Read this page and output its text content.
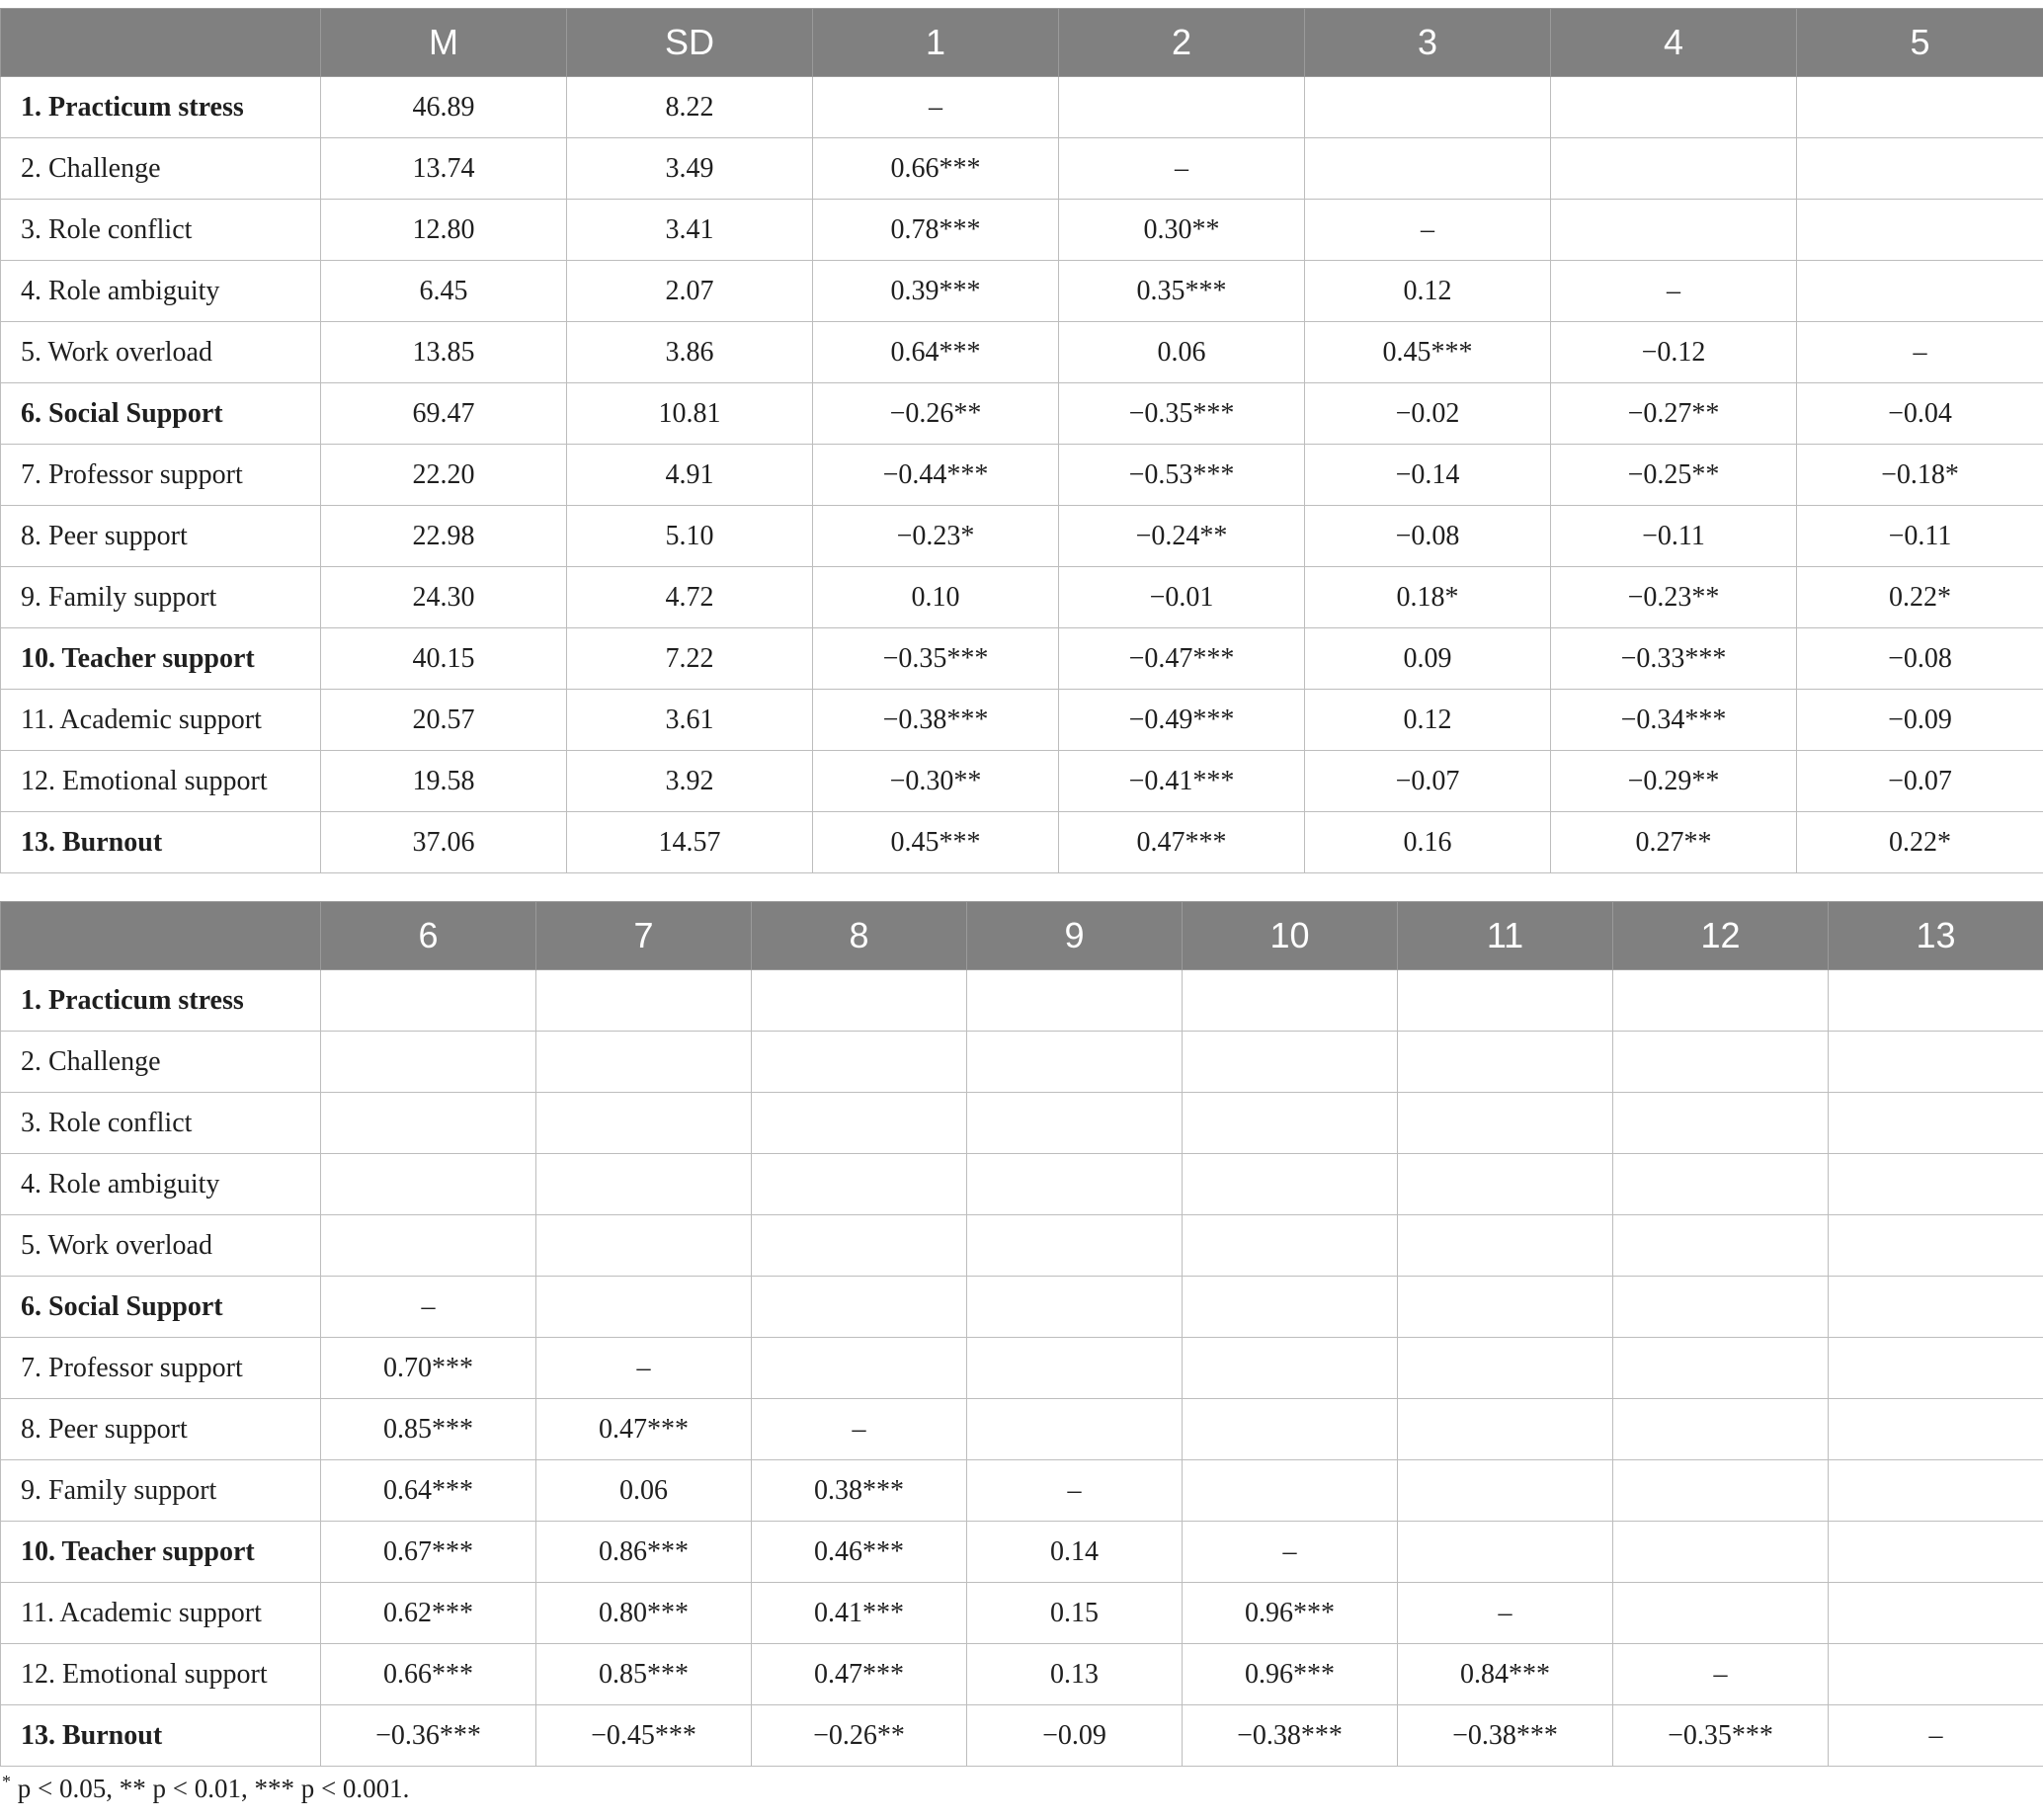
	M	SD	1	2	3	4	5
1. Practicum stress	46.89	8.22	–				
2. Challenge	13.74	3.49	0.66***	–			
3. Role conflict	12.80	3.41	0.78***	0.30**	–		
4. Role ambiguity	6.45	2.07	0.39***	0.35***	0.12	–	
5. Work overload	13.85	3.86	0.64***	0.06	0.45***	−0.12	–
6. Social Support	69.47	10.81	−0.26**	−0.35***	−0.02	−0.27**	−0.04
7. Professor support	22.20	4.91	−0.44***	−0.53***	−0.14	−0.25**	−0.18*
8. Peer support	22.98	5.10	−0.23*	−0.24**	−0.08	−0.11	−0.11
9. Family support	24.30	4.72	0.10	−0.01	0.18*	−0.23**	0.22*
10. Teacher support	40.15	7.22	−0.35***	−0.47***	0.09	−0.33***	−0.08
11. Academic support	20.57	3.61	−0.38***	−0.49***	0.12	−0.34***	−0.09
12. Emotional support	19.58	3.92	−0.30**	−0.41***	−0.07	−0.29**	−0.07
13. Burnout	37.06	14.57	0.45***	0.47***	0.16	0.27**	0.22*
	6	7	8	9	10	11	12	13
1. Practicum stress								
2. Challenge								
3. Role conflict								
4. Role ambiguity								
5. Work overload								
6. Social Support	–							
7. Professor support	0.70***	–						
8. Peer support	0.85***	0.47***	–					
9. Family support	0.64***	0.06	0.38***	–				
10. Teacher support	0.67***	0.86***	0.46***	0.14	–			
11. Academic support	0.62***	0.80***	0.41***	0.15	0.96***	–		
12. Emotional support	0.66***	0.85***	0.47***	0.13	0.96***	0.84***	–	
13. Burnout	−0.36***	−0.45***	−0.26**	−0.09	−0.38***	−0.38***	−0.35***	–
* p < 0.05, ** p < 0.01, *** p < 0.001.
